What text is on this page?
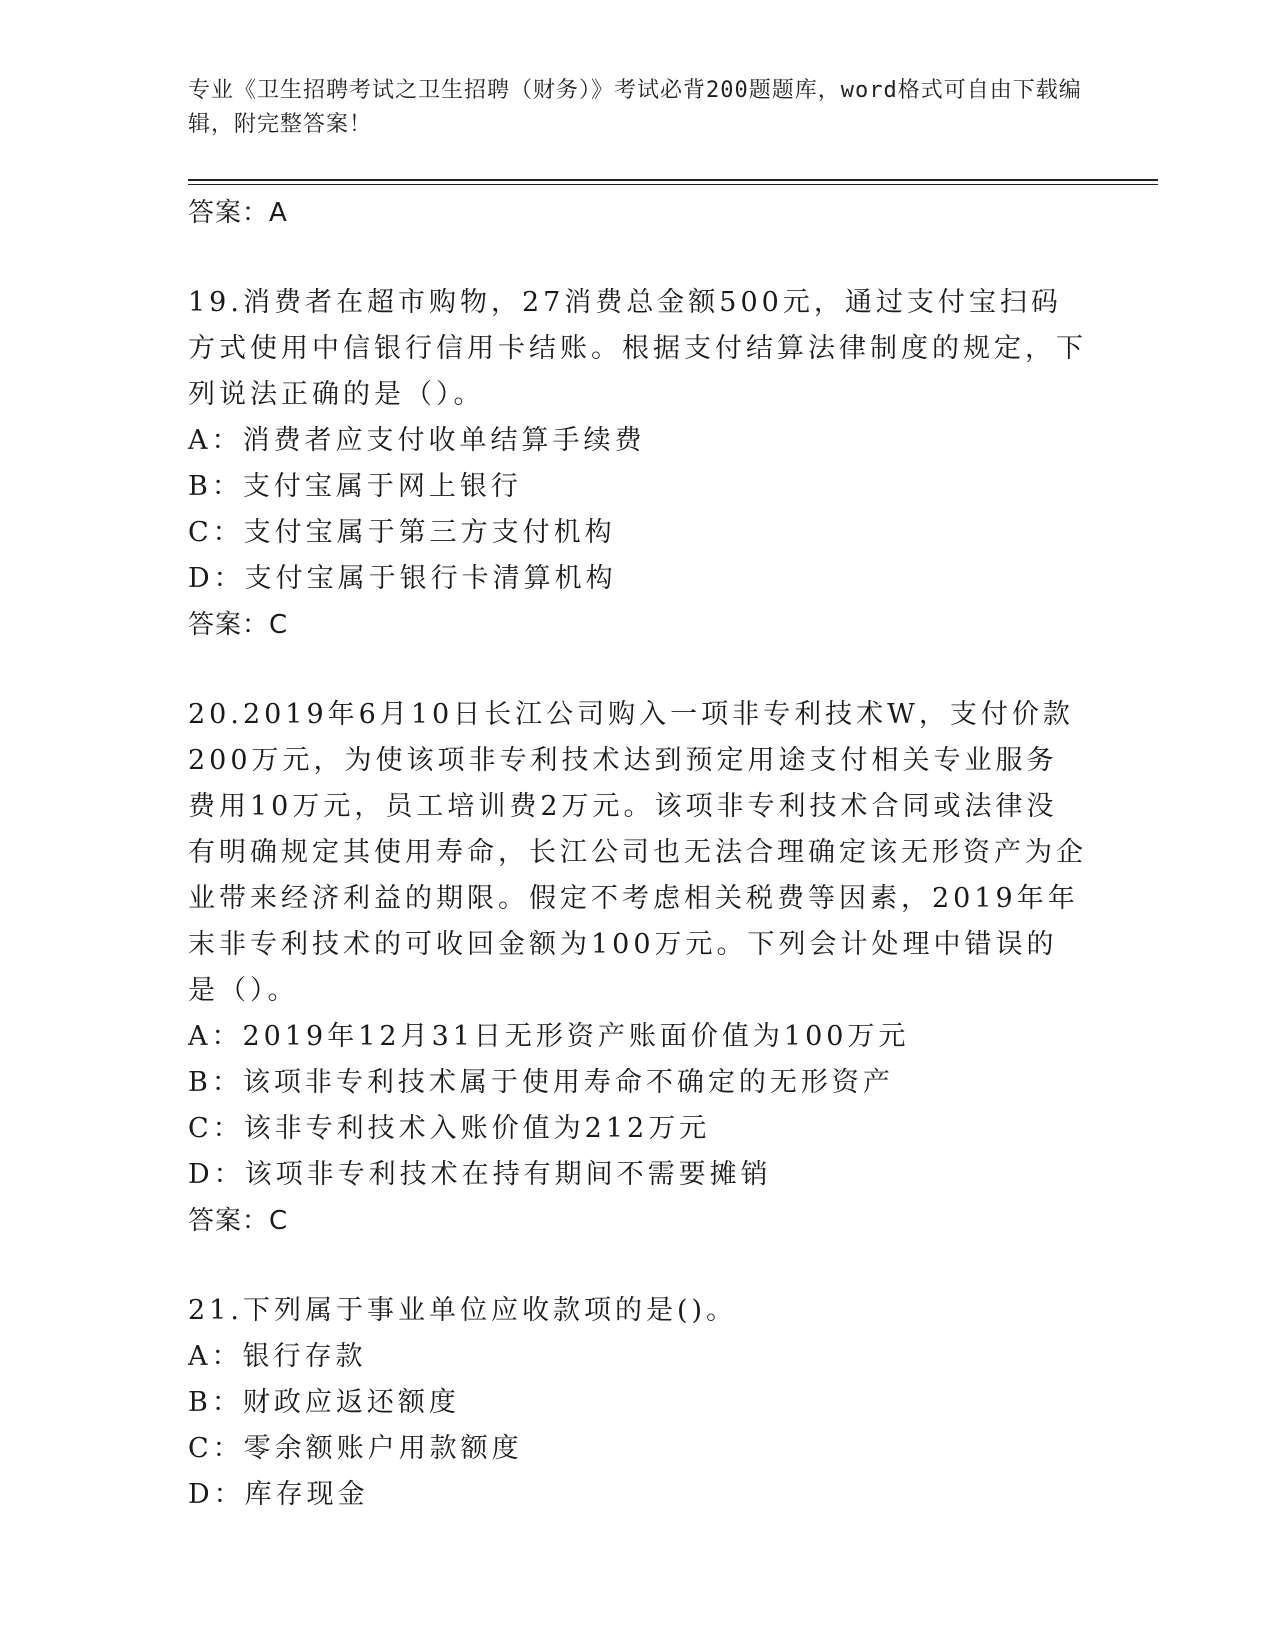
专业《卫生招聘考试之卫生招聘（财务）》考试必背200题题库，word格式可自由下载编辑，附完整答案！

答案：A

19.消费者在超市购物，27消费总金额500元，通过支付宝扫码方式使用中信银行信用卡结账。根据支付结算法律制度的规定，下列说法正确的是（）。

A：消费者应支付收单结算手续费

B：支付宝属于网上银行

C：支付宝属于第三方支付机构

D：支付宝属于银行卡清算机构

答案：C

20.2019年6月10日长江公司购入一项非专利技术W，支付价款200万元，为使该项非专利技术达到预定用途支付相关专业服务费用10万元，员工培训费2万元。该项非专利技术合同或法律没有明确规定其使用寿命，长江公司也无法合理确定该无形资产为企业带来经济利益的期限。假定不考虑相关税费等因素，2019年年末非专利技术的可收回金额为100万元。下列会计处理中错误的是（）。

A：2019年12月31日无形资产账面价值为100万元

B：该项非专利技术属于使用寿命不确定的无形资产

C：该非专利技术入账价值为212万元

D：该项非专利技术在持有期间不需要摊销

答案：C

21.下列属于事业单位应收款项的是()。

A：银行存款

B：财政应返还额度

C：零余额账户用款额度

D：库存现金
